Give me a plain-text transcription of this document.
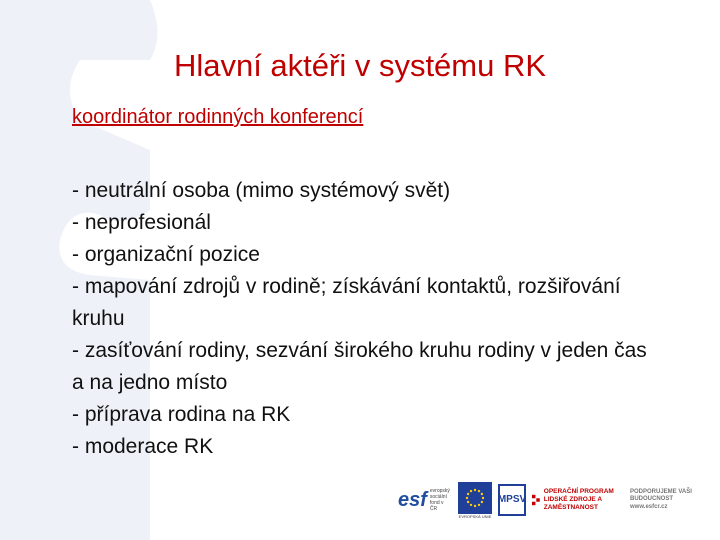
Hlavní aktéři v systému RK
koordinátor rodinných konferencí
- neutrální osoba (mimo systémový svět)
- neprofesionál
- organizační pozice
- mapování zdrojů v rodině; získávání kontaktů, rozšiřování kruhu
- zasíťování rodiny, sezvání širokého kruhu rodiny v jeden čas a na jedno místo
- příprava rodina na RK
- moderace RK
esf evropský sociální fond v ČR
EVROPSKÁ UNIE
MPSV
OPERAČNÍ PROGRAM LIDSKÉ ZDROJE A ZAMĚSTNANOST
PODPORUJEME VAŠI BUDOUCNOST www.esfcr.cz
